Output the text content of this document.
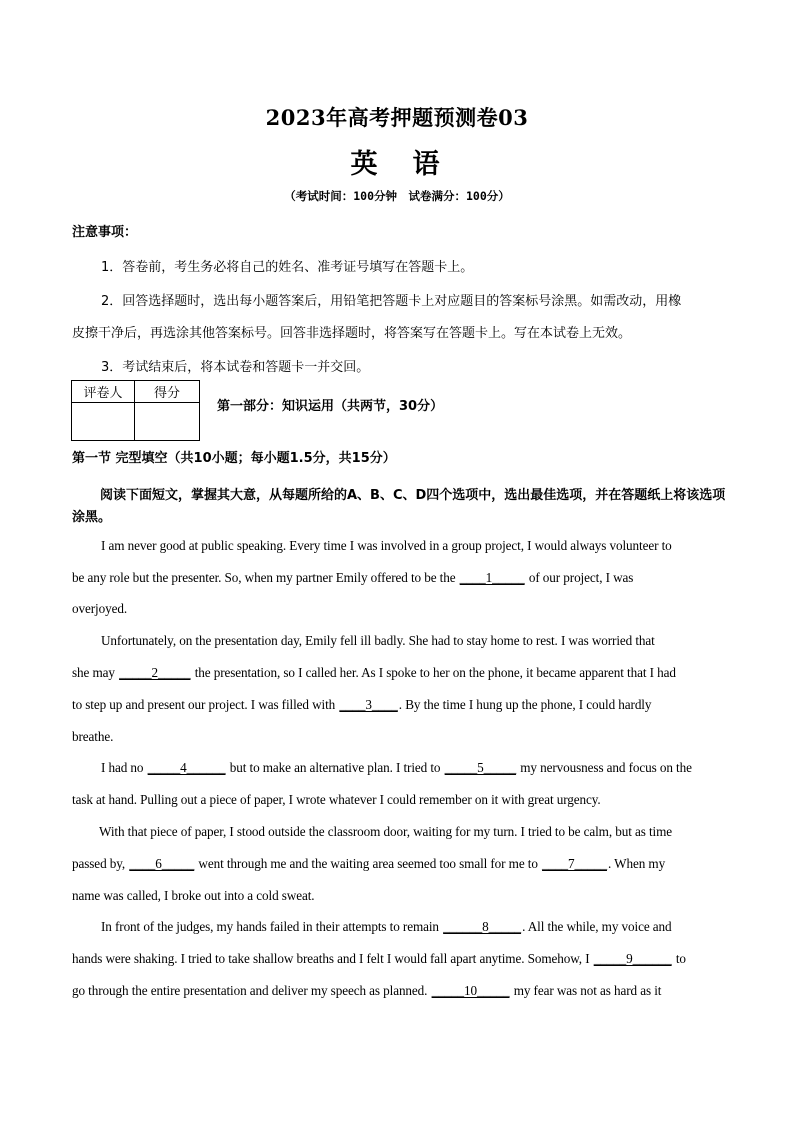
2023年高考押题预测卷03
英　语
（考试时间：100分钟　试卷满分：100分）
注意事项：
1．答卷前，考生务必将自己的姓名、准考证号填写在答题卡上。
2．回答选择题时，选出每小题答案后，用铅笔把答题卡上对应题目的答案标号涂黑。如需改动，用橡
皮擦干净后，再选涂其他答案标号。回答非选择题时，将答案写在答题卡上。写在本试卷上无效。
3．考试结束后，将本试卷和答题卡一并交回。
评卷人	得分

第一部分：知识运用（共两节，30分）
第一节 完型填空（共10小题；每小题1.5分，共15分）
阅读下面短文，掌握其大意，从每题所给的A、B、C、D四个选项中，选出最佳选项，并在答题纸上将该选项涂黑。
I am never good at public speaking. Every time I was involved in a group project, I would always volunteer to
be any role but the presenter. So, when my partner Emily offered to be the ____1_____ of our project, I was
overjoyed.
Unfortunately, on the presentation day, Emily fell ill badly. She had to stay home to rest. I was worried that
she may _____2_____ the presentation, so I called her. As I spoke to her on the phone, it became apparent that I had
to step up and present our project. I was filled with ____3____. By the time I hung up the phone, I could hardly
breathe.
I had no _____4______ but to make an alternative plan. I tried to _____5_____ my nervousness and focus on the
task at hand. Pulling out a piece of paper, I wrote whatever I could remember on it with great urgency.
With that piece of paper, I stood outside the classroom door, waiting for my turn. I tried to be calm, but as time
passed by, ____6_____ went through me and the waiting area seemed too small for me to ____7_____. When my
name was called, I broke out into a cold sweat.
In front of the judges, my hands failed in their attempts to remain ______8_____. All the while, my voice and
hands were shaking. I tried to take shallow breaths and I felt I would fall apart anytime. Somehow, I _____9______ to
go through the entire presentation and deliver my speech as planned. _____10_____ my fear was not as hard as it
